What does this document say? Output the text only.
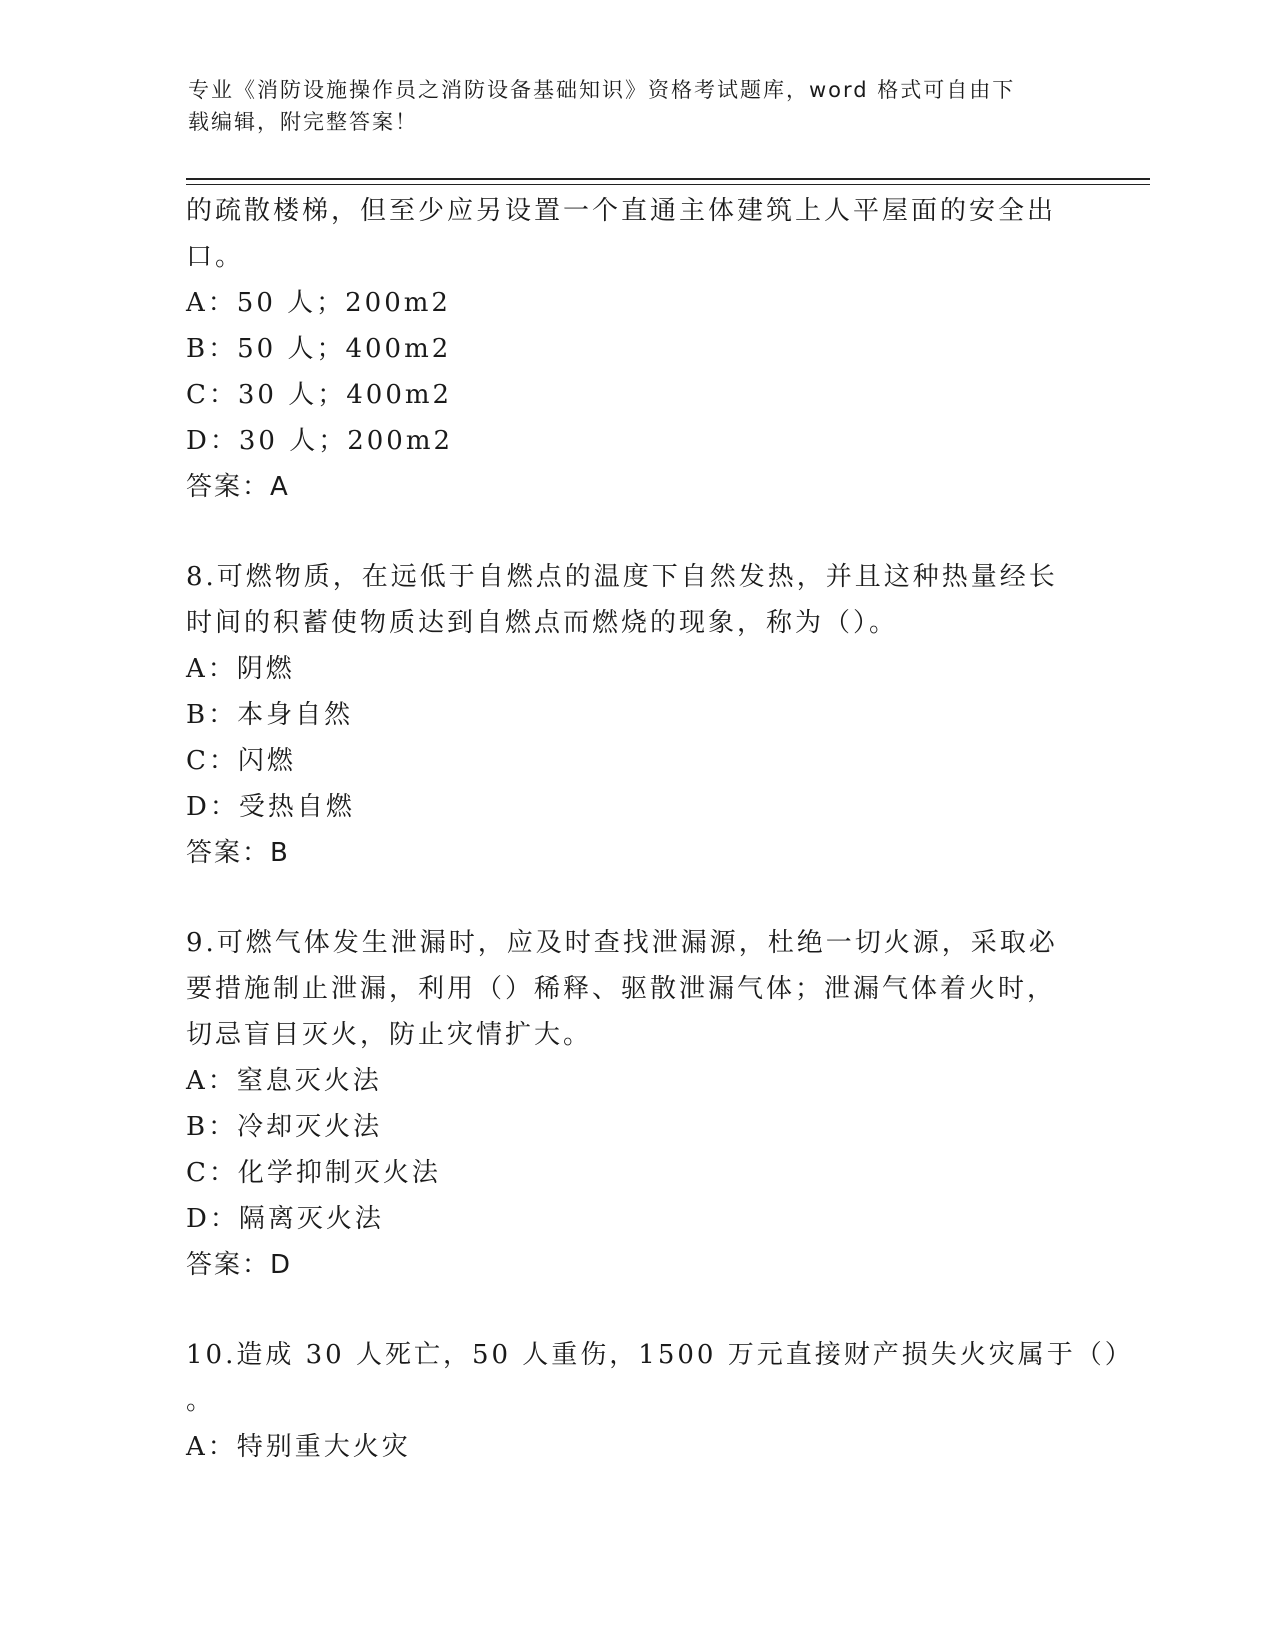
专业《消防设施操作员之消防设备基础知识》资格考试题库，word 格式可自由下
载编辑，附完整答案！
的疏散楼梯，但至少应另设置一个直通主体建筑上人平屋面的安全出
口。
A：50 人；200m2
B：50 人；400m2
C：30 人；400m2
D：30 人；200m2
答案：A
8.可燃物质，在远低于自燃点的温度下自然发热，并且这种热量经长
时间的积蓄使物质达到自燃点而燃烧的现象，称为（）。
A：阴燃
B：本身自然
C：闪燃
D：受热自燃
答案：B
9.可燃气体发生泄漏时，应及时查找泄漏源，杜绝一切火源，采取必
要措施制止泄漏，利用（）稀释、驱散泄漏气体；泄漏气体着火时，
切忌盲目灭火，防止灾情扩大。
A：窒息灭火法
B：冷却灭火法
C：化学抑制灭火法
D：隔离灭火法
答案：D
10.造成 30 人死亡，50 人重伤，1500 万元直接财产损失火灾属于（）
。
A：特别重大火灾
